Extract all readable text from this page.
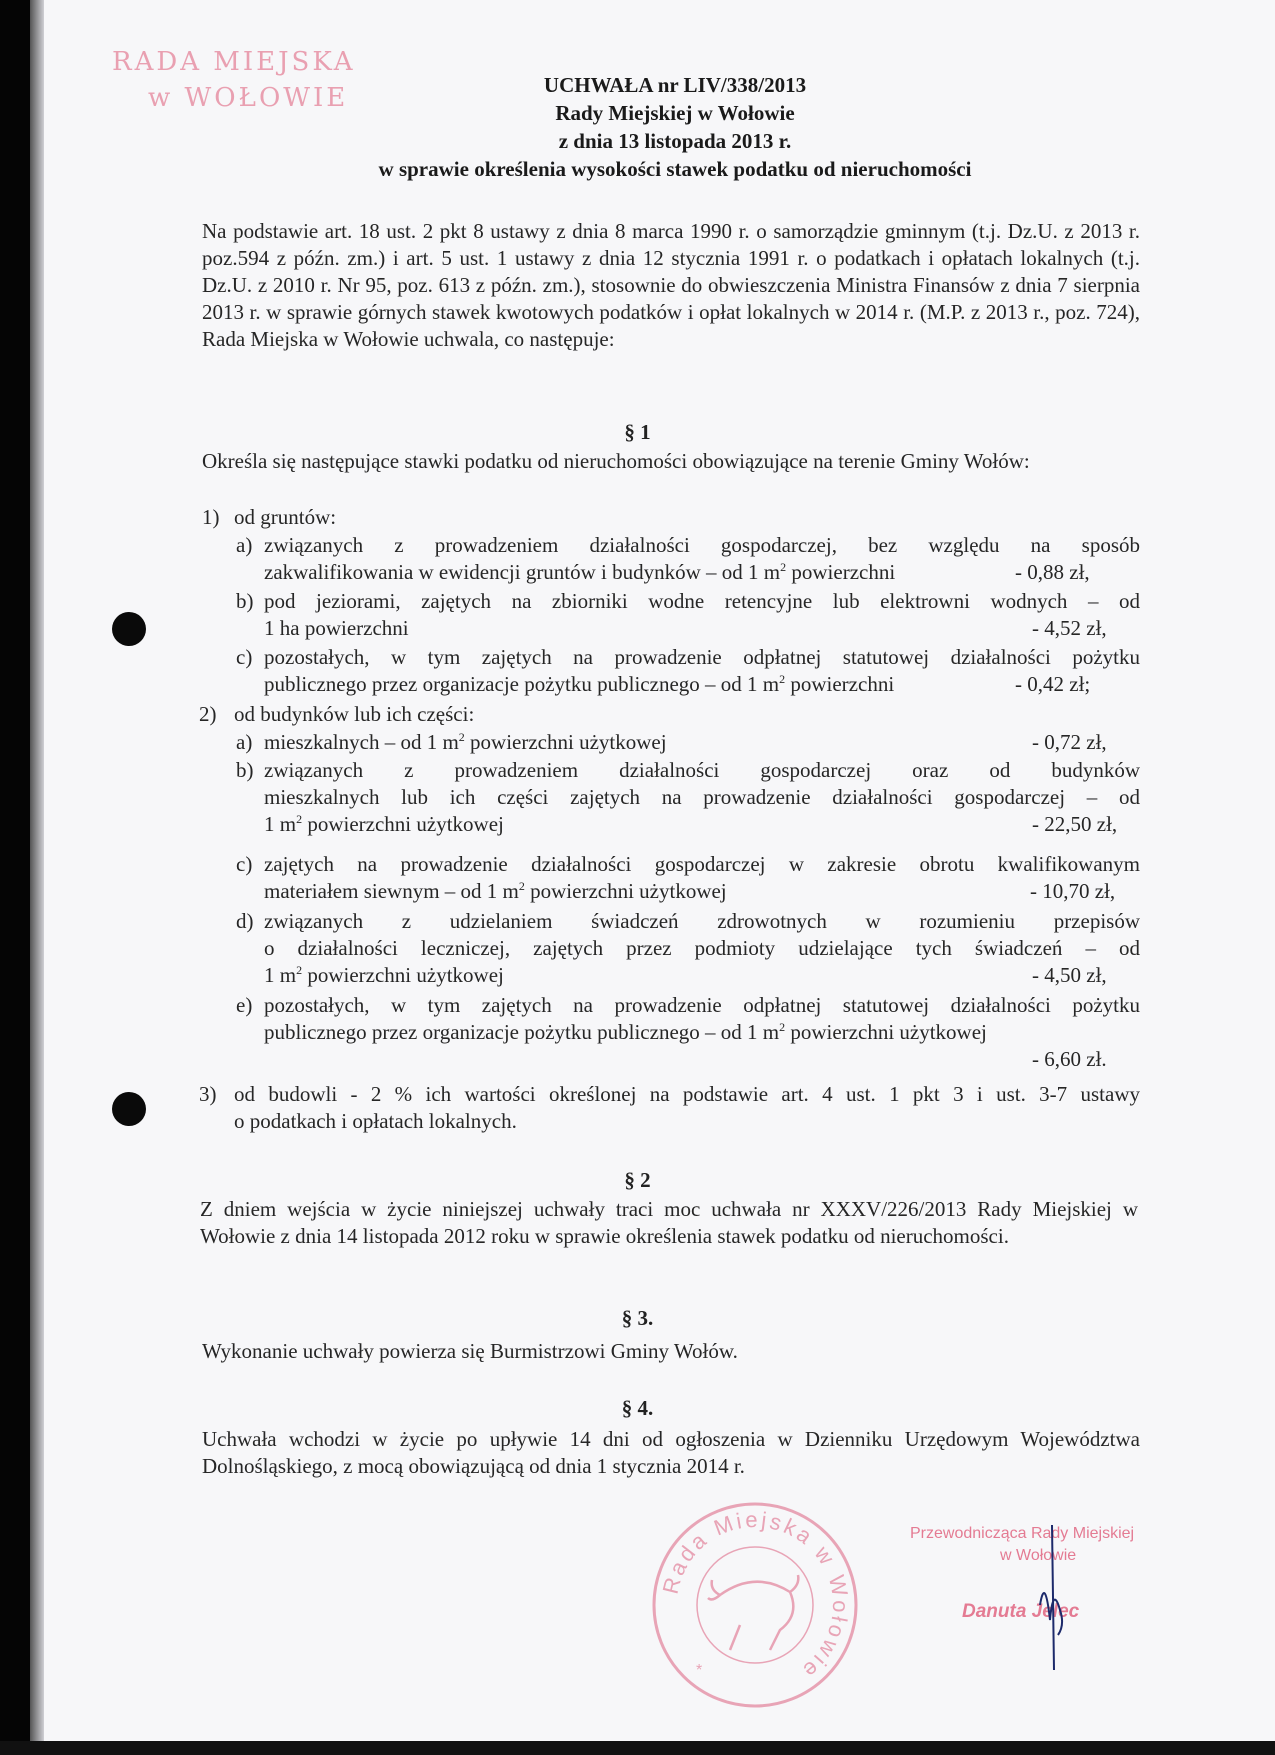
RADA MIEJSKA
w WOŁOWIE	UCHWAŁA nr LIV/338/2013
Rady Miejskiej w Wołowie
z dnia 13 listopada 2013 r.
w sprawie określenia wysokości stawek podatku od nieruchomości
Na podstawie art. 18 ust. 2 pkt 8 ustawy z dnia 8 marca 1990 r. o samorządzie gminnym (t.j. Dz.U. z 2013 r. poz.594 z późn. zm.) i art. 5 ust. 1 ustawy z dnia 12 stycznia 1991 r. o podatkach i opłatach lokalnych (t.j. Dz.U. z 2010 r. Nr 95, poz. 613 z późn. zm.), stosownie do obwieszczenia Ministra Finansów z dnia 7 sierpnia 2013 r. w sprawie górnych stawek kwotowych podatków i opłat lokalnych w 2014 r. (M.P. z 2013 r., poz. 724), Rada Miejska w Wołowie uchwala, co następuje:
§ 1
Określa się następujące stawki podatku od nieruchomości obowiązujące na terenie Gminy Wołów:
1) od gruntów:
a) związanych z prowadzeniem działalności gospodarczej, bez względu na sposób
zakwalifikowania w ewidencji gruntów i budynków – od 1 $m^2$ powierzchni	- 0,88 zł,
b) pod jeziorami, zajętych na zbiorniki wodne retencyjne lub elektrowni wodnych – od
1 ha powierzchni	- 4,52 zł,
c) pozostałych, w tym zajętych na prowadzenie odpłatnej statutowej działalności pożytku
publicznego przez organizacje pożytku publicznego – od 1 $m^2$ powierzchni	- 0,42 zł;
2) od budynków lub ich części:
a) mieszkalnych – od 1 $m^2$ powierzchni użytkowej	- 0,72 zł,
b) związanych z prowadzeniem działalności gospodarczej oraz od budynków
mieszkalnych lub ich części zajętych na prowadzenie działalności gospodarczej – od
1 $m^2$ powierzchni użytkowej	- 22,50 zł,
c) zajętych na prowadzenie działalności gospodarczej w zakresie obrotu kwalifikowanym
materiałem siewnym – od 1 $m^2$ powierzchni użytkowej	- 10,70 zł,
d) związanych z udzielaniem świadczeń zdrowotnych w rozumieniu przepisów
o działalności leczniczej, zajętych przez podmioty udzielające tych świadczeń – od
1 $m^2$ powierzchni użytkowej	- 4,50 zł,
e) pozostałych, w tym zajętych na prowadzenie odpłatnej statutowej działalności pożytku
publicznego przez organizacje pożytku publicznego – od 1 $m^2$ powierzchni użytkowej
- 6,60 zł.
3) od budowli - 2 % ich wartości określonej na podstawie art. 4 ust. 1 pkt 3 i ust. 3-7 ustawy
o podatkach i opłatach lokalnych.
§ 2
Z dniem wejścia w życie niniejszej uchwały traci moc uchwała nr XXXV/226/2013 Rady Miejskiej w Wołowie z dnia 14 listopada 2012 roku w sprawie określenia stawek podatku od nieruchomości.
§ 3.
Wykonanie uchwały powierza się Burmistrzowi Gminy Wołów.
§ 4.
Uchwała wchodzi w życie po upływie 14 dni od ogłoszenia w Dzienniku Urzędowym Województwa Dolnośląskiego, z mocą obowiązującą od dnia 1 stycznia 2014 r.
Rada Miejska w Wołowie
*
Przewodnicząca Rady Miejskiej
w Wołowie
Danuta Jelec
